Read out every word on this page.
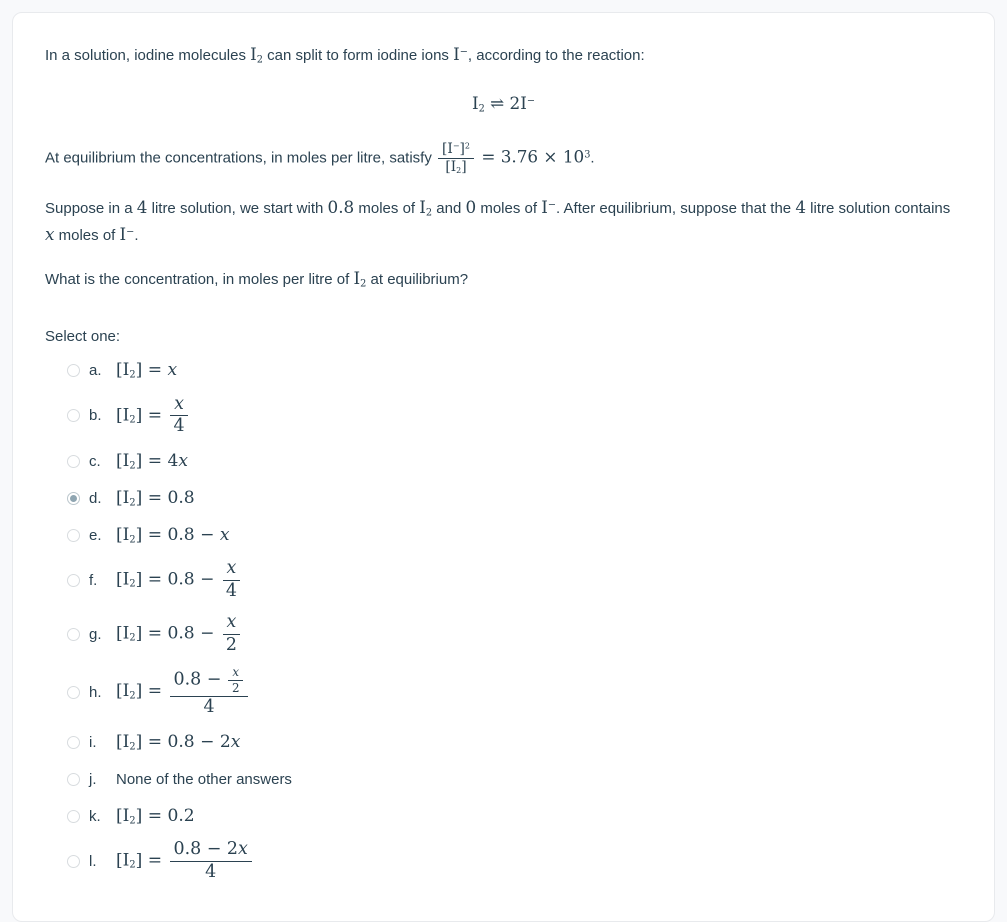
In a solution, iodine molecules I2 can split to form iodine ions I−, according to the reaction:
I2 ⇌ 2I−
At equilibrium the concentrations, in moles per litre, satisfy $\frac{[I^-]^2}{[I2]} = 3.76 \times 10^3$.
Suppose in a 4 litre solution, we start with 0.8 moles of I2 and 0 moles of I−. After equilibrium, suppose that the 4 litre solution contains x moles of I−.
What is the concentration, in moles per litre of I2 at equilibrium?
Select one:
a. [I2] = x
b. $[I2] = \frac{x}{4}$
c. [I2] = 4x
d. [I2] = 0.8
e. [I2] = 0.8 − x
f.	$[I2] = 0.8 - \frac{x}{4}$
g. $[I2] = 0.8 - \frac{x}{2}$
h. $[I2] = \frac{0.8 - \frac{x}{2}}{4}$
i.	[I2] = 0.8 − 2x
j.	None of the other answers
k. [I2] = 0.2
l.	$[I2] = \frac{0.8 - 2x}{4}$
